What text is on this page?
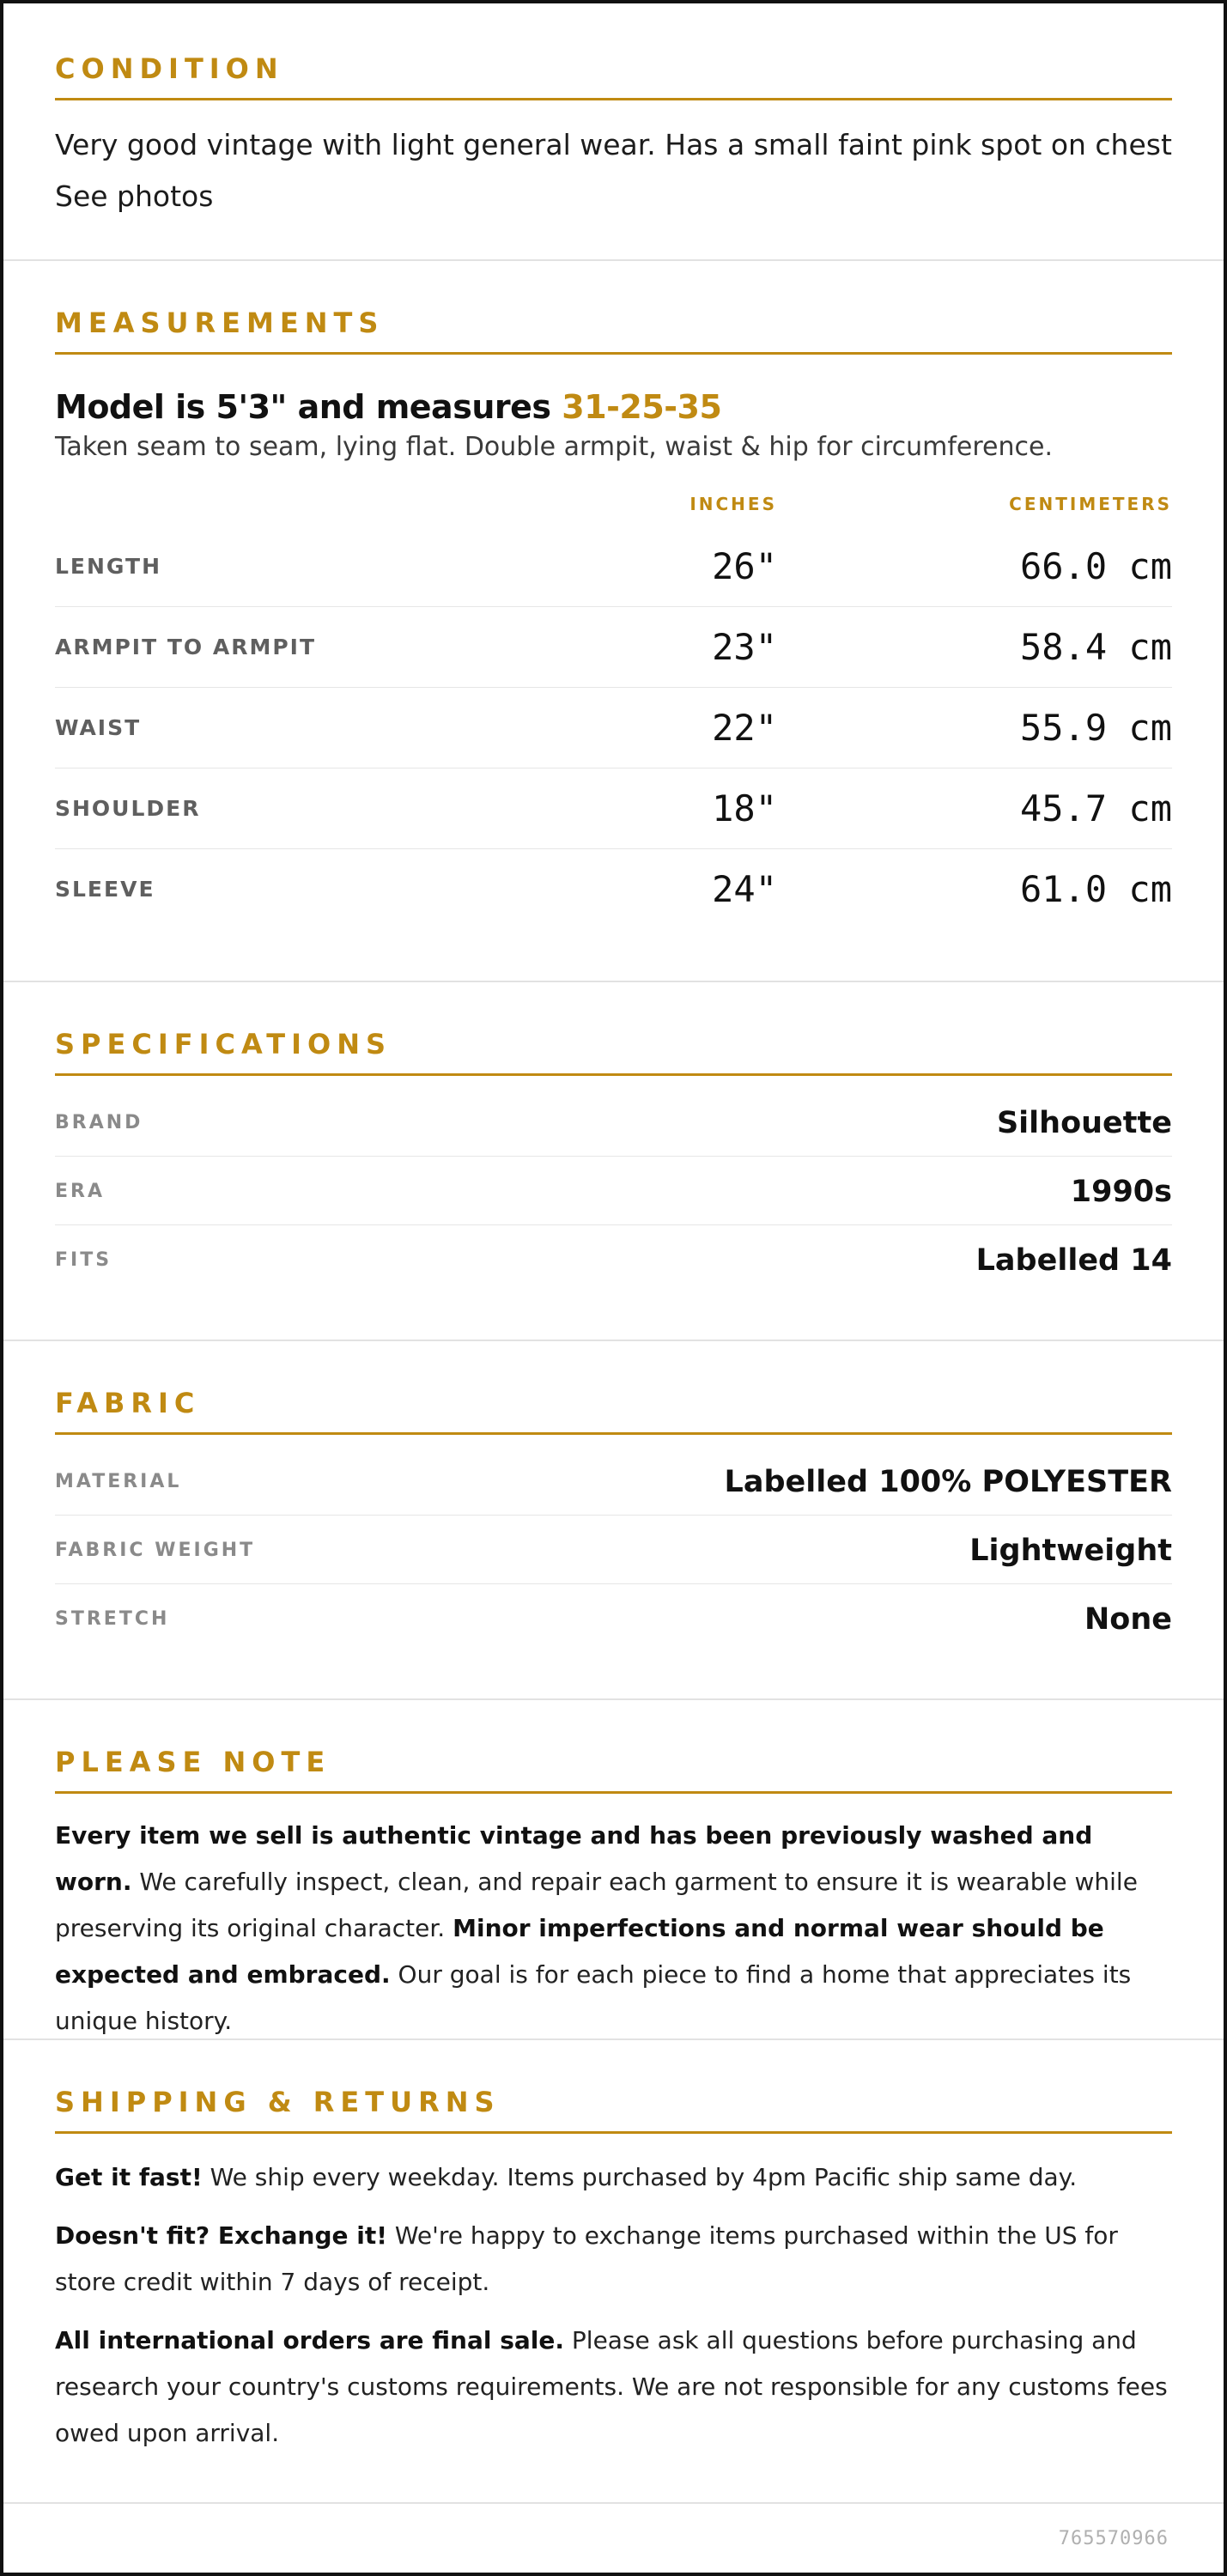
CONDITION

Very good vintage with light general wear. Has a small faint pink spot on chest See photos

MEASUREMENTS

Model is 5'3" and measures 31-25-35

Taken seam to seam, lying flat. Double armpit, waist & hip for circumference.

INCHES	CENTIMETERS
LENGTH	26"	66.0 cm
ARMPIT TO ARMPIT	23"	58.4 cm
WAIST	22"	55.9 cm
SHOULDER	18"	45.7 cm
SLEEVE	24"	61.0 cm
SPECIFICATIONS
BRAND	Silhouette
ERA	1990s
FITS	Labelled 14
FABRIC
MATERIAL	Labelled 100% POLYESTER
FABRIC WEIGHT	Lightweight
STRETCH	None
PLEASE NOTE

Every item we sell is authentic vintage and has been previously washed and worn. We carefully inspect, clean, and repair each garment to ensure it is wearable while preserving its original character. Minor imperfections and normal wear should be expected and embraced. Our goal is for each piece to find a home that appreciates its unique history.

SHIPPING & RETURNS

Get it fast! We ship every weekday. Items purchased by 4pm Pacific ship same day.

Doesn't fit? Exchange it! We're happy to exchange items purchased within the US for store credit within 7 days of receipt.

All international orders are final sale. Please ask all questions before purchasing and research your country's customs requirements. We are not responsible for any customs fees owed upon arrival.

765570966
